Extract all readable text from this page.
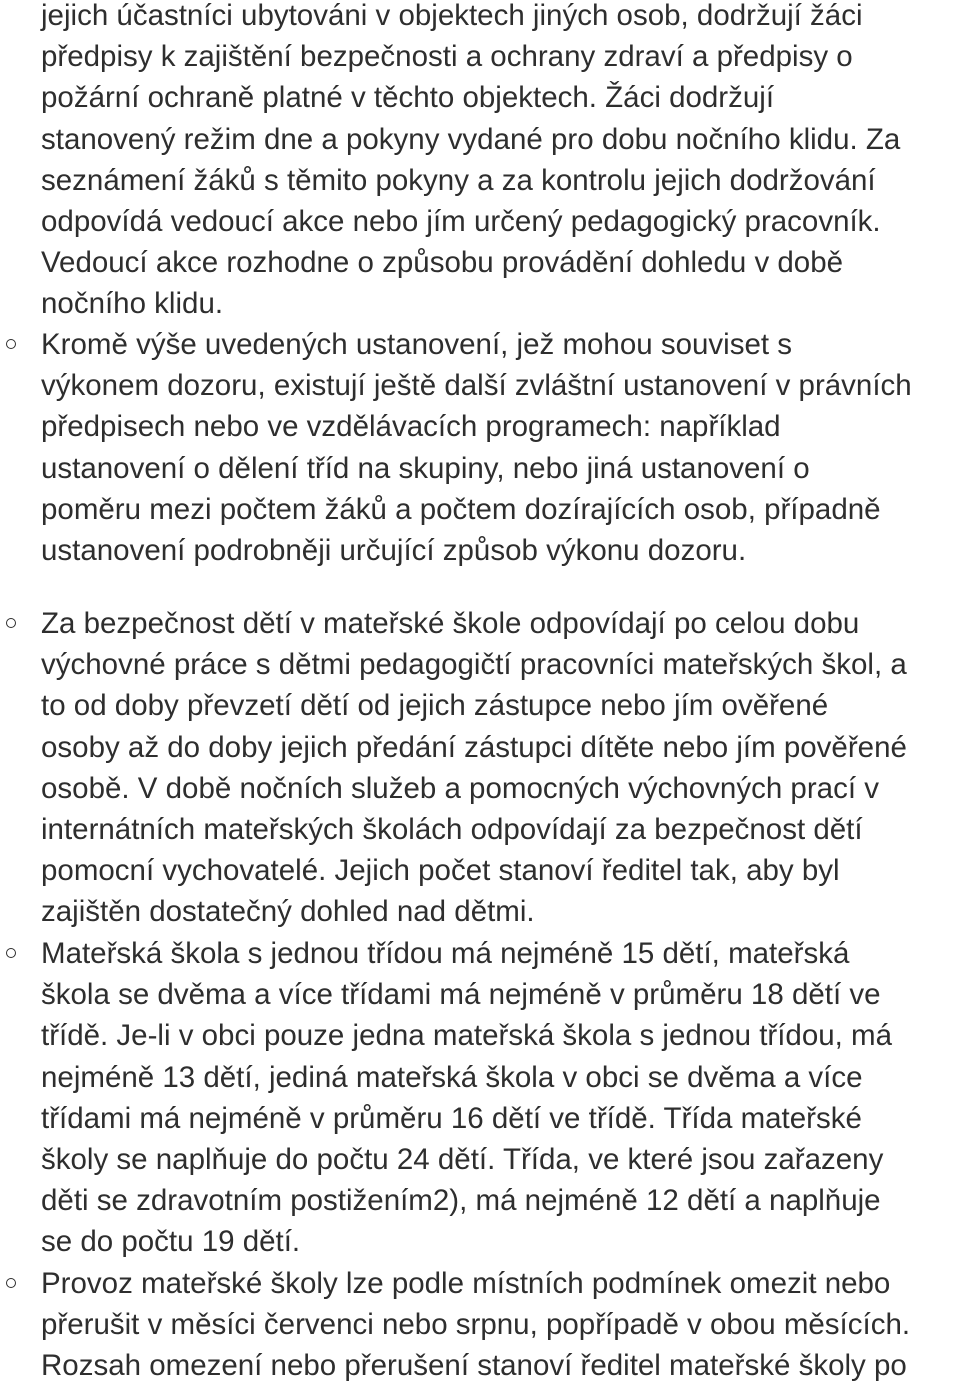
jejich účastníci ubytováni v objektech jiných osob, dodržují žáci
předpisy k zajištění bezpečnosti a ochrany zdraví a předpisy o
požární ochraně platné v těchto objektech. Žáci dodržují
stanovený režim dne a pokyny vydané pro dobu nočního klidu. Za
seznámení žáků s těmito pokyny a za kontrolu jejich dodržování
odpovídá vedoucí akce nebo jím určený pedagogický pracovník.
Vedoucí akce rozhodne o způsobu provádění dohledu v době
nočního klidu.
Kromě výše uvedených ustanovení, jež mohou souviset s
výkonem dozoru, existují ještě další zvláštní ustanovení v právních
předpisech nebo ve vzdělávacích programech: například
ustanovení o dělení tříd na skupiny, nebo jiná ustanovení o
poměru mezi počtem žáků a počtem dozírajících osob, případně
ustanovení podrobněji určující způsob výkonu dozoru.
Za bezpečnost dětí v mateřské škole odpovídají po celou dobu
výchovné práce s dětmi pedagogičtí pracovníci mateřských škol, a
to od doby převzetí dětí od jejich zástupce nebo jím ověřené
osoby až do doby jejich předání zástupci dítěte nebo jím pověřené
osobě. V době nočních služeb a pomocných výchovných prací v
internátních mateřských školách odpovídají za bezpečnost dětí
pomocní vychovatelé. Jejich počet stanoví ředitel tak, aby byl
zajištěn dostatečný dohled nad dětmi.
Mateřská škola s jednou třídou má nejméně 15 dětí, mateřská
škola se dvěma a více třídami má nejméně v průměru 18 dětí ve
třídě. Je-li v obci pouze jedna mateřská škola s jednou třídou, má
nejméně 13 dětí, jediná mateřská škola v obci se dvěma a více
třídami má nejméně v průměru 16 dětí ve třídě. Třída mateřské
školy se naplňuje do počtu 24 dětí. Třída, ve které jsou zařazeny
děti se zdravotním postižením2), má nejméně 12 dětí a naplňuje
se do počtu 19 dětí.
Provoz mateřské školy lze podle místních podmínek omezit nebo
přerušit v měsíci červenci nebo srpnu, popřípadě v obou měsících.
Rozsah omezení nebo přerušení stanoví ředitel mateřské školy po
